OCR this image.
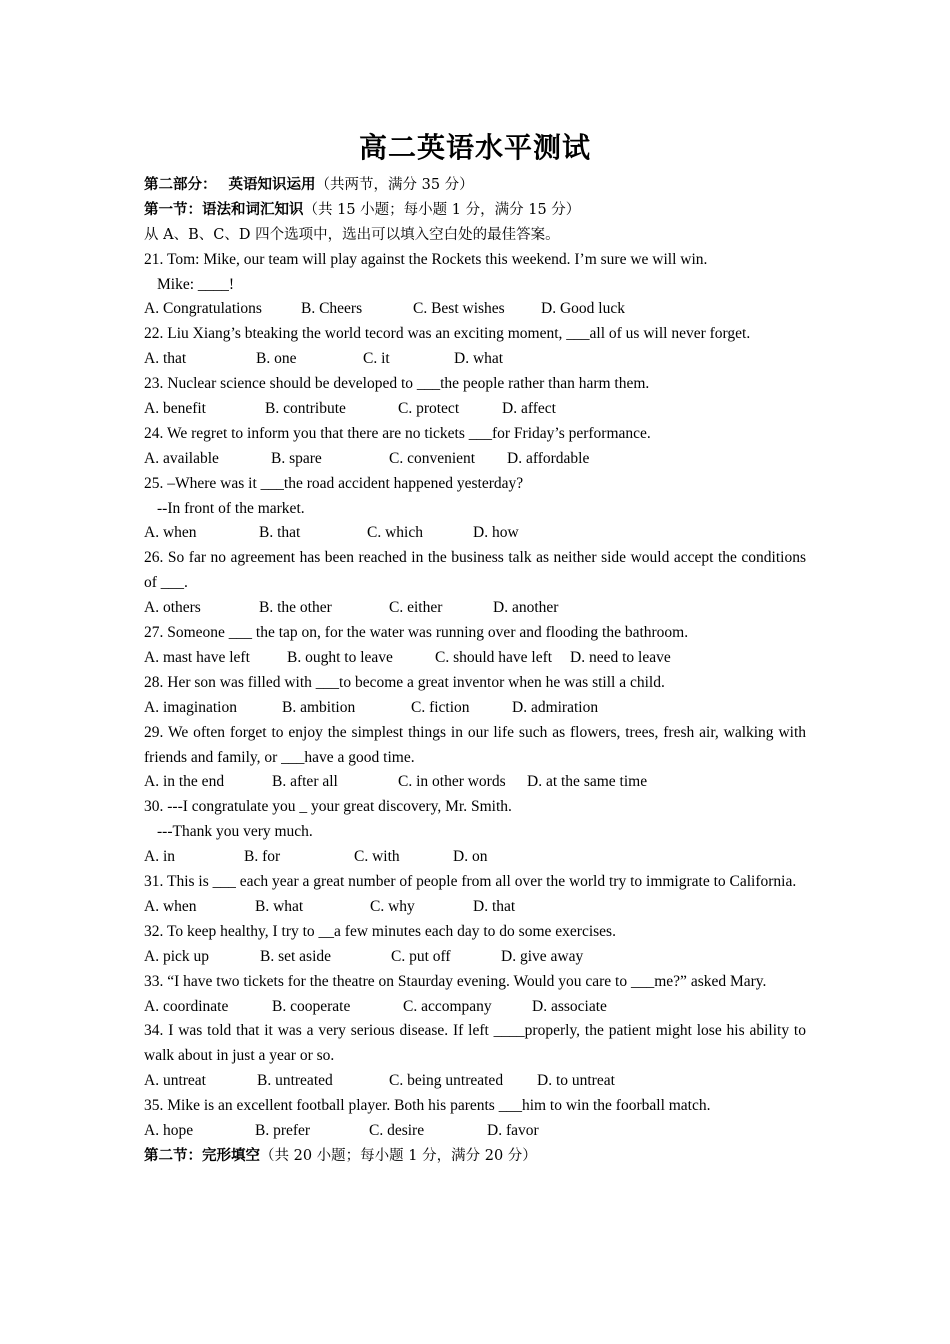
高二英语水平测试
第二部分： 英语知识运用（共两节，满分 35 分）
第一节：语法和词汇知识（共 15 小题；每小题 1 分，满分 15 分）
从 A、B、C、D 四个选项中，选出可以填入空白处的最佳答案。
21. Tom: Mike, our team will play against the Rockets this weekend. I’m sure we will win.
Mike: ____!
A. Congratulations	B. Cheers	C. Best wishes	D. Good luck
22. Liu Xiang’s bteaking the world tecord was an exciting moment, ___all of us will never forget.
A. that	B. one	C. it	D. what
23. Nuclear science should be developed to ___the people rather than harm them.
A. benefit	B. contribute	C. protect	D. affect
24. We regret to inform you that there are no tickets ___for Friday’s performance.
A. available	B. spare	C. convenient	D. affordable
25. –Where was it ___the road accident happened yesterday?
--In front of the market.
A. when	B. that	C. which	D. how
26. So far no agreement has been reached in the business talk as neither side would accept the conditions of ___.
A. others	B. the other	C. either	D. another
27. Someone ___ the tap on, for the water was running over and flooding the bathroom.
A. mast have left	B. ought to leave	C. should have left	D. need to leave
28. Her son was filled with ___to become a great inventor when he was still a child.
A. imagination	B. ambition	C. fiction	D. admiration
29. We often forget to enjoy the simplest things in our life such as flowers, trees, fresh air, walking with friends and family, or ___have a good time.
A. in the end	B. after all	C. in other words	D. at the same time
30. ---I congratulate you _ your great discovery, Mr. Smith.
---Thank you very much.
A. in	B. for	C. with	D. on
31. This is ___ each year a great number of people from all over the world try to immigrate to California.
A. when	B. what	C. why	D. that
32. To keep healthy, I try to __a few minutes each day to do some exercises.
A. pick up	B. set aside	C. put off	D. give away
33. “I have two tickets for the theatre on Staurday evening. Would you care to ___me?” asked Mary.
A. coordinate	B. cooperate	C. accompany	D. associate
34. I was told that it was a very serious disease. If left ____properly, the patient might lose his ability to walk about in just a year or so.
A. untreat	B. untreated	C. being untreated	D. to untreat
35. Mike is an excellent football player. Both his parents ___him to win the foorball match.
A. hope	B. prefer	C. desire	D. favor
第二节：完形填空（共 20 小题；每小题 1 分，满分 20 分）
